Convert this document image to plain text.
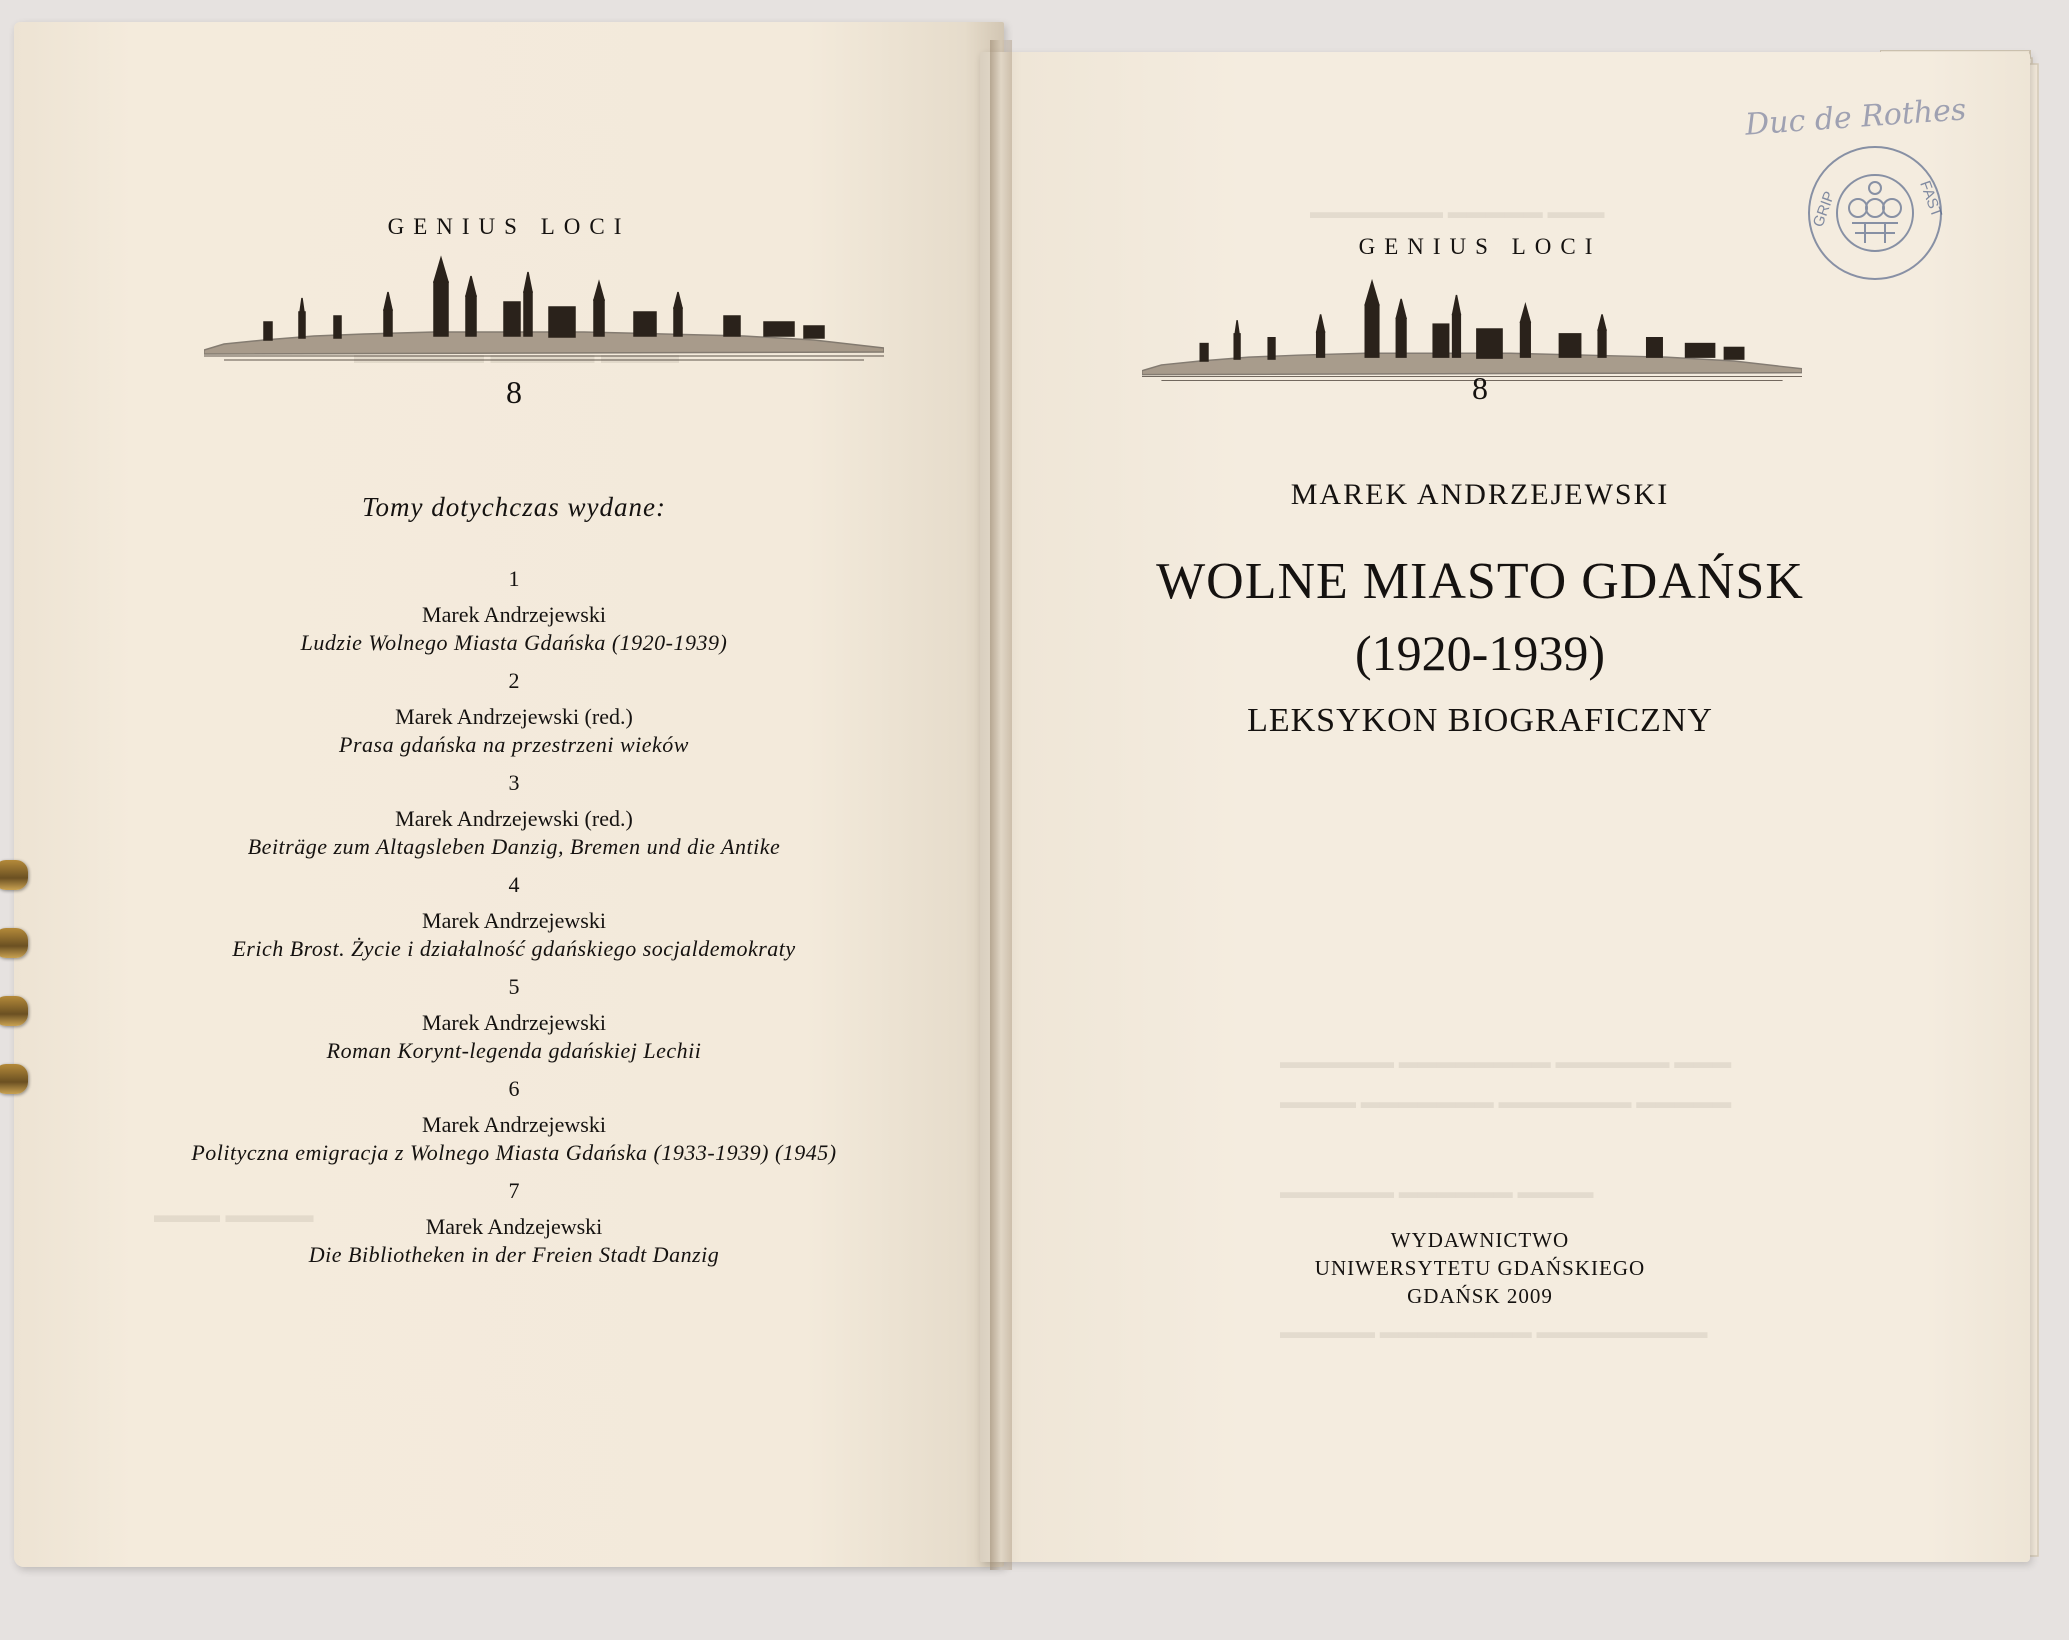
GENIUS LOCI
8
Tomy dotychczas wydane:
1
Marek Andrzejewski
Ludzie Wolnego Miasta Gdańska (1920-1939)
2
Marek Andrzejewski (red.)
Prasa gdańska na przestrzeni wieków
3
Marek Andrzejewski (red.)
Beiträge zum Altagsleben Danzig, Bremen und die Antike
4
Marek Andrzejewski
Erich Brost. Życie i działalność gdańskiego socjaldemokraty
5
Marek Andrzejewski
Roman Korynt-legenda gdańskiej Lechii
6
Marek Andrzejewski
Polityczna emigracja z Wolnego Miasta Gdańska (1933-1939) (1945)
7
Marek Andzejewski
Die Bibliotheken in der Freien Stadt Danzig
▬▬▬ ▬▬▬▬ ▬▬▬▬▬
▬▬▬ ▬▬▬▬
▬▬▬▬▬▬▬ ▬▬▬▬▬ ▬▬▬
▬▬▬▬▬▬ ▬▬▬▬▬▬▬▬ ▬▬▬▬▬▬ ▬▬▬
▬▬▬▬ ▬▬▬▬▬▬▬ ▬▬▬▬▬▬▬ ▬▬▬▬▬
▬▬▬▬▬▬ ▬▬▬▬▬▬ ▬▬▬▬
▬▬▬▬▬ ▬▬▬▬▬▬▬▬ ▬▬▬▬▬▬▬▬▬
GENIUS LOCI
8
MAREK ANDRZEJEWSKI
WOLNE MIASTO GDAŃSK
(1920-1939)
LEKSYKON BIOGRAFICZNY
WYDAWNICTWO
UNIWERSYTETU GDAŃSKIEGO
GDAŃSK 2009
Duc de Rothes
GRIP	FAST
